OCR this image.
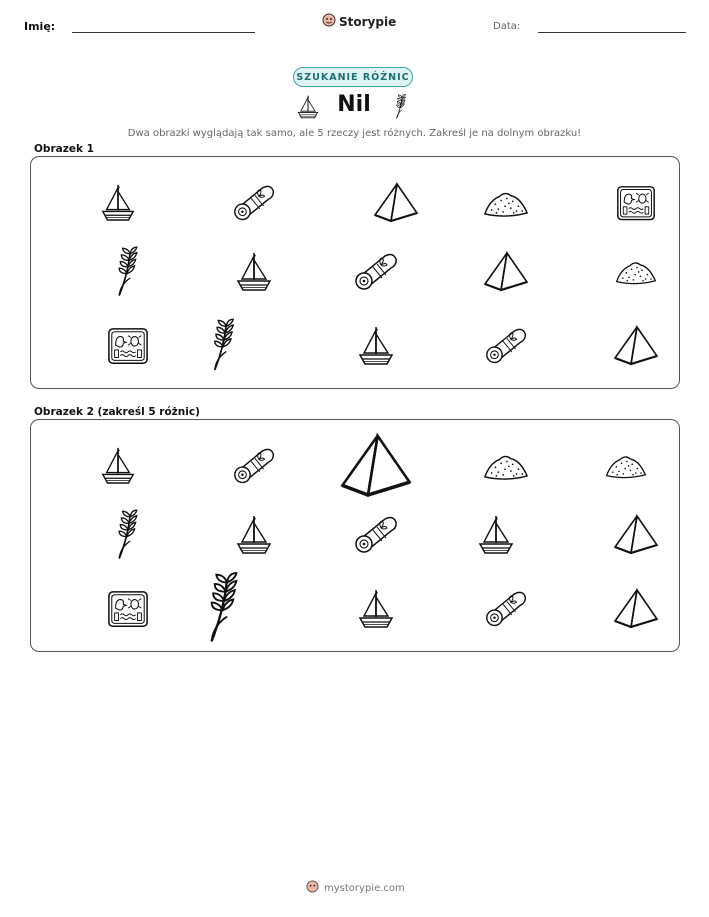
Imię:	Storypie	Data:
SZUKANIE RÓŻNIC
Nil
Dwa obrazki wyglądają tak samo, ale 5 rzeczy jest różnych. Zakreśl je na dolnym obrazku!
Obrazek 1
Obrazek 2 (zakreśl 5 różnic)
mystorypie.com
